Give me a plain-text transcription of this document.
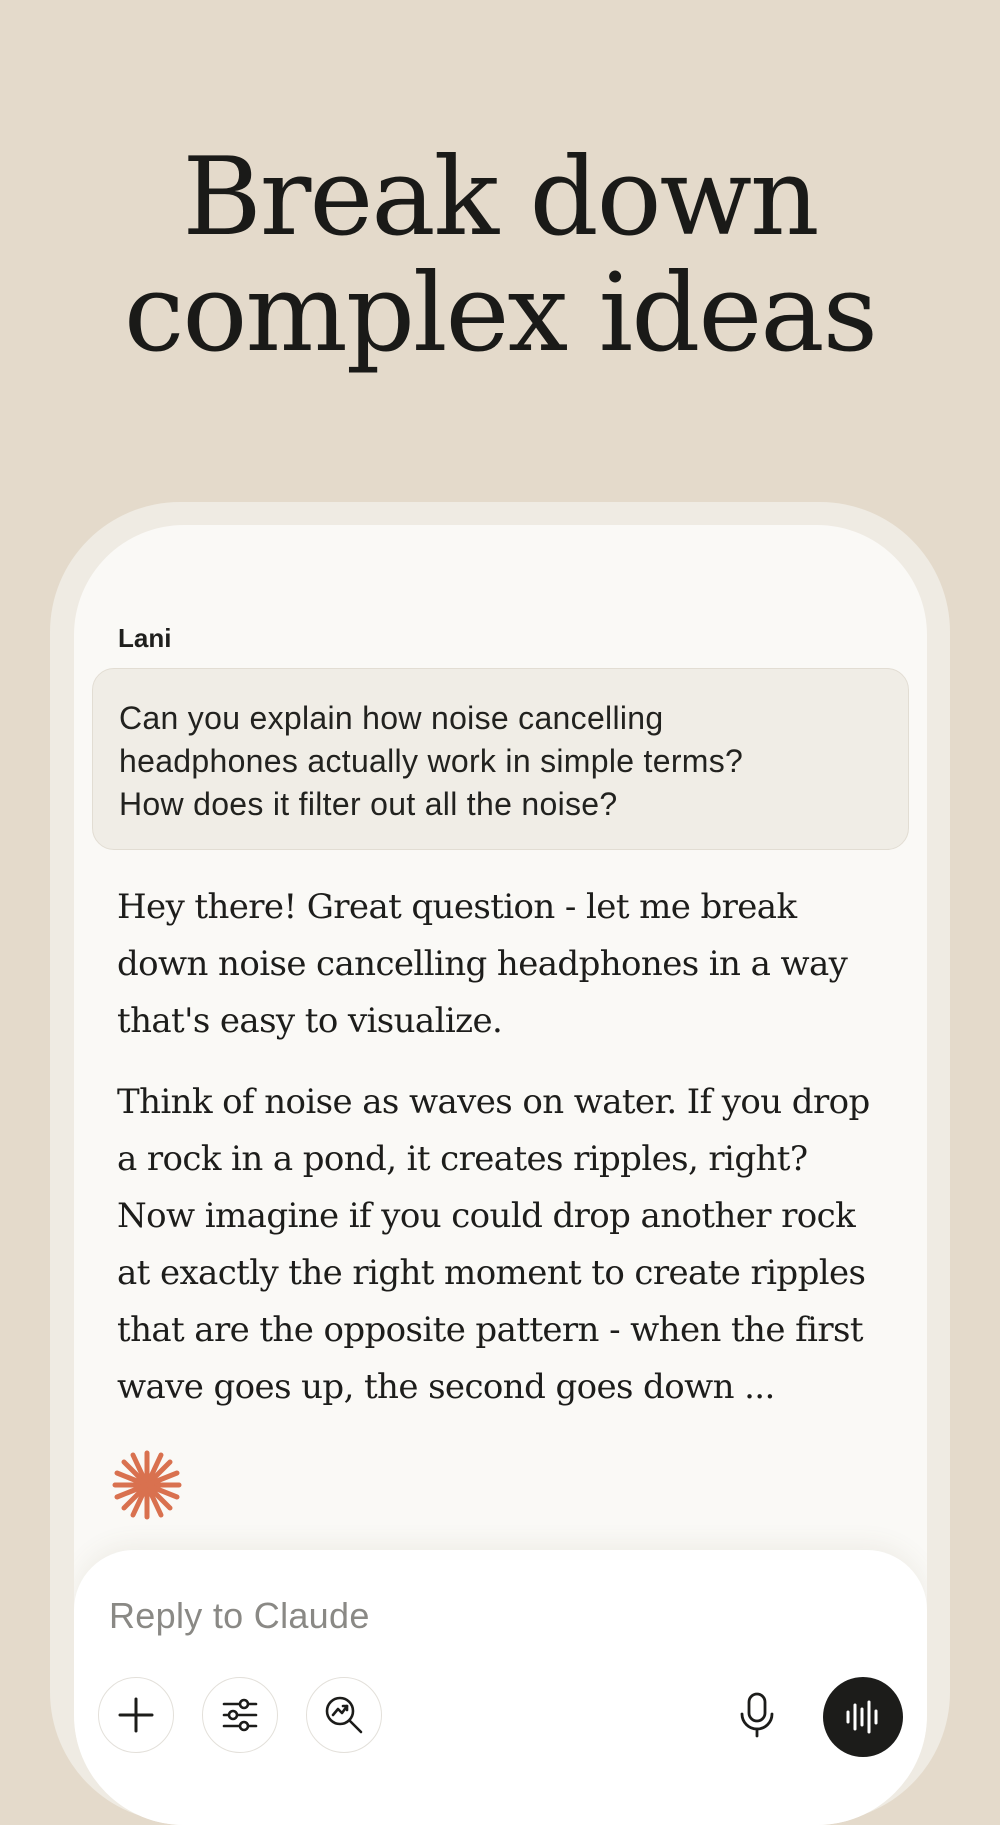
Break down
complex ideas
Lani
Can you explain how noise cancelling
headphones actually work in simple terms?
How does it filter out all the noise?
Hey there! Great question - let me break
down noise cancelling headphones in a way
that's easy to visualize.
Think of noise as waves on water. If you drop
a rock in a pond, it creates ripples, right?
Now imagine if you could drop another rock
at exactly the right moment to create ripples
that are the opposite pattern - when the first
wave goes up, the second goes down ...
Reply to Claude
